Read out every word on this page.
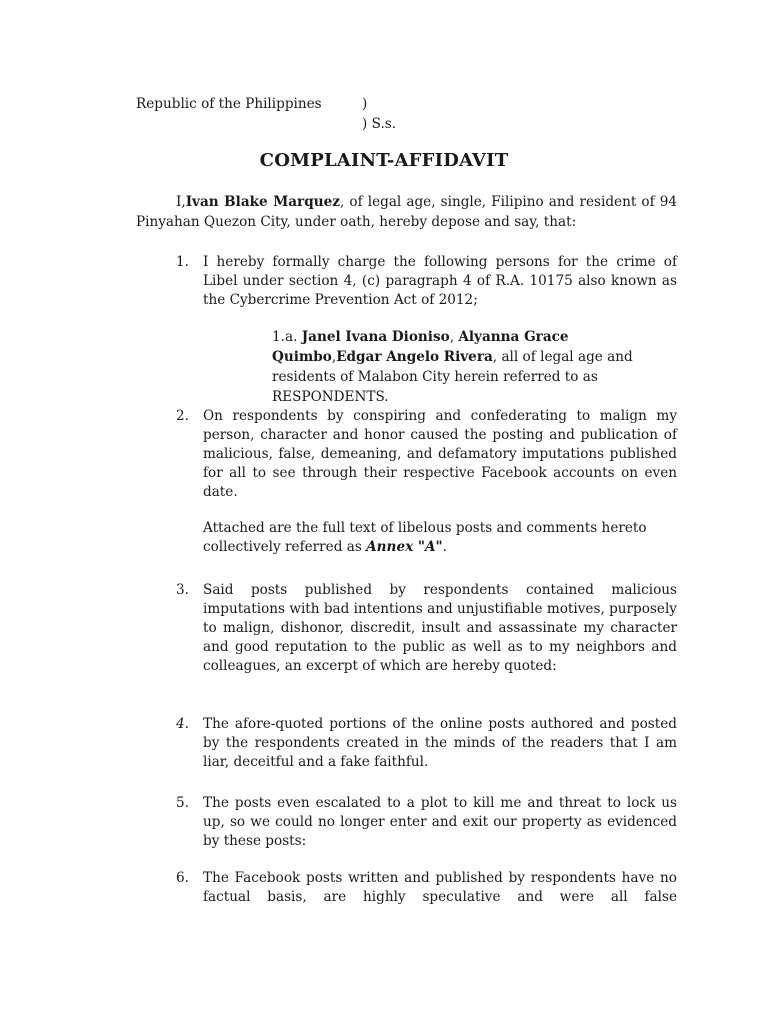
Republic of the Philippines	)
) S.s.
COMPLAINT-AFFIDAVIT
I,Ivan Blake Marquez, of legal age, single, Filipino and resident of 94 Pinyahan Quezon City, under oath, hereby depose and say, that:
1.	I hereby formally charge the following persons for the crime of Libel under section 4, (c) paragraph 4 of R.A. 10175 also known as the Cybercrime Prevention Act of 2012;
1.a. Janel Ivana Dioniso, Alyanna Grace Quimbo,Edgar Angelo Rivera, all of legal age and residents of Malabon City herein referred to as RESPONDENTS.
2.	On respondents by conspiring and confederating to malign my person, character and honor caused the posting and publication of malicious, false, demeaning, and defamatory imputations published for all to see through their respective Facebook accounts on even date.
Attached are the full text of libelous posts and comments hereto collectively referred as Annex "A".
3.	Said posts published by respondents contained malicious imputations with bad intentions and unjustifiable motives, purposely to malign, dishonor, discredit, insult and assassinate my character and good reputation to the public as well as to my neighbors and colleagues, an excerpt of which are hereby quoted:
4.	The afore-quoted portions of the online posts authored and posted by the respondents created in the minds of the readers that I am liar, deceitful and a fake faithful.
5.	The posts even escalated to a plot to kill me and threat to lock us up, so we could no longer enter and exit our property as evidenced by these posts:
6.	The Facebook posts written and published by respondents have no factual basis, are highly speculative and were all false
